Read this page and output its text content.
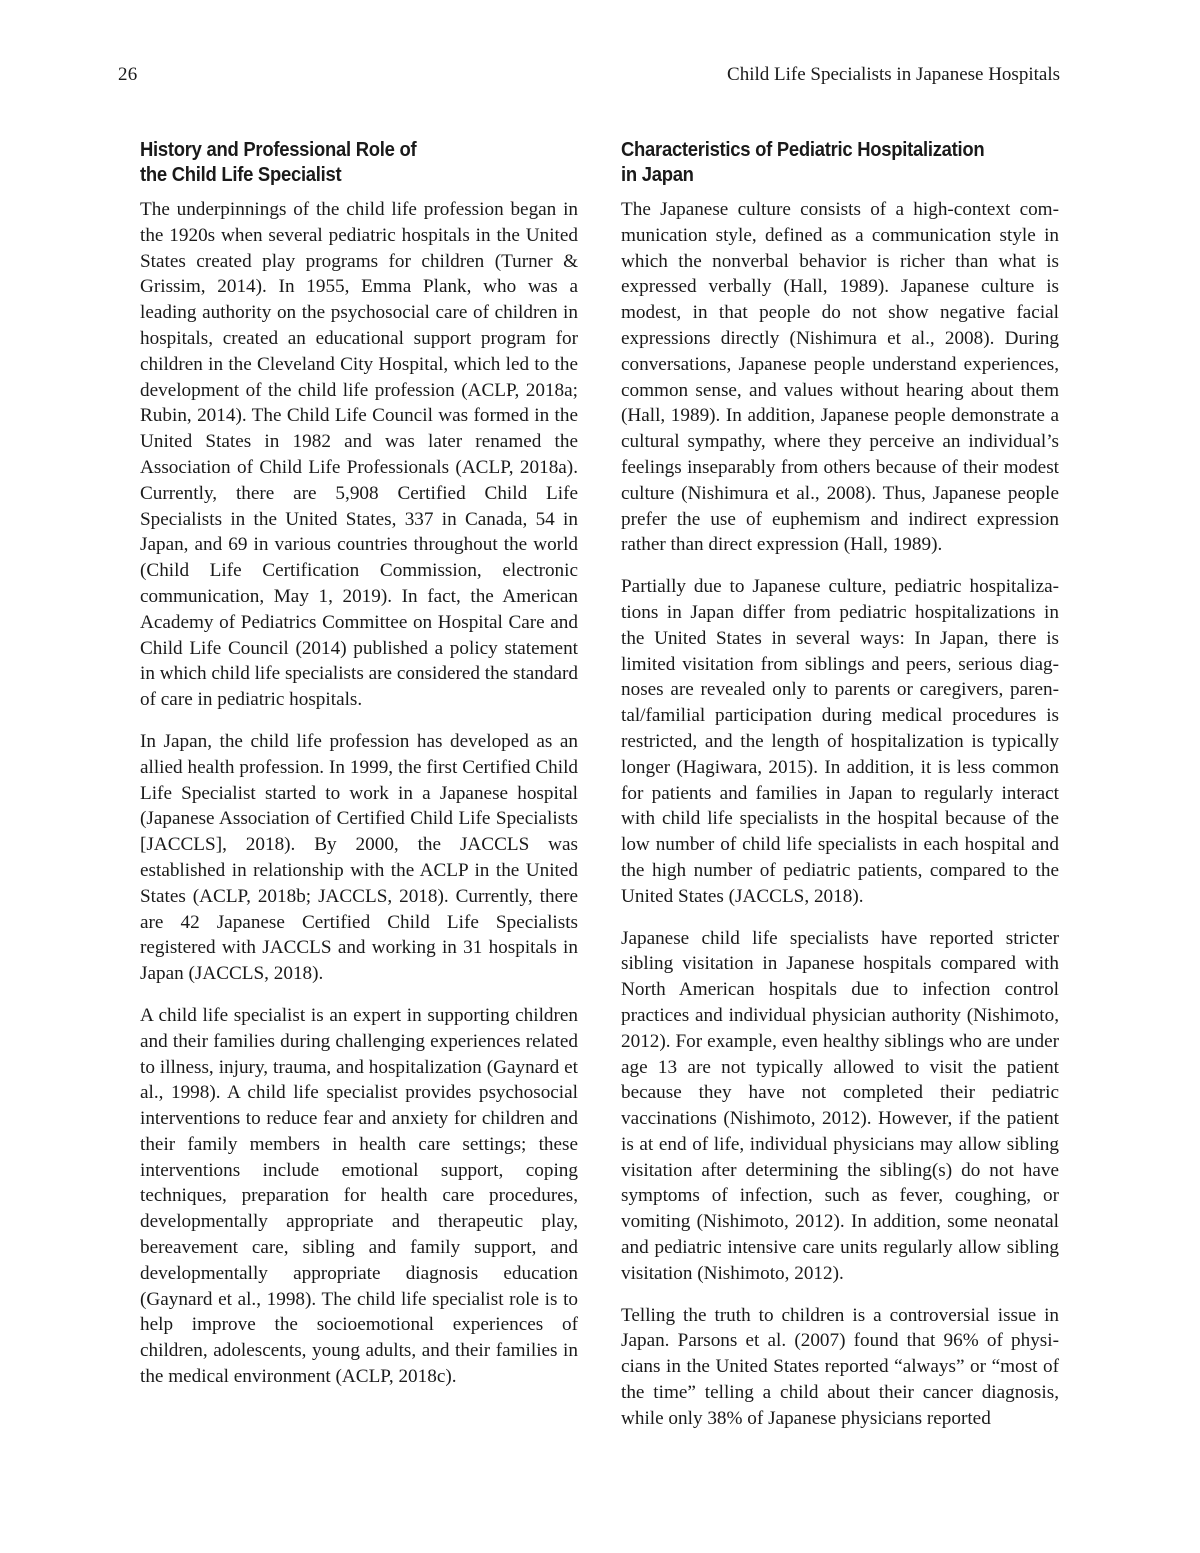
26	Child Life Specialists in Japanese Hospitals
History and Professional Role of
the Child Life Specialist

The underpinnings of the child life profession began in the 1920s when several pediatric hospitals in the United States created play programs for children (Turner & Grissim, 2014). In 1955, Emma Plank, who was a leading authority on the psychosocial care of children in hospitals, created an educational support program for children in the Cleveland City Hospital, which led to the development of the child life profession (ACLP, 2018a; Rubin, 2014). The Child Life Council was formed in the United States in 1982 and was later renamed the Association of Child Life Professionals (ACLP, 2018a). Currently, there are 5,908 Certified Child Life Specialists in the United States, 337 in Canada, 54 in Japan, and 69 in various countries throughout the world (Child Life Certification Commission, electronic communication, May 1, 2019). In fact, the American Academy of Pediatrics Committee on Hospital Care and Child Life Council (2014) published a policy statement in which child life specialists are considered the standard of care in pediatric hospitals.

In Japan, the child life profession has developed as an allied health profession. In 1999, the first Certified Child Life Specialist started to work in a Japanese hospital (Japanese Association of Certified Child Life Specialists [JACCLS], 2018). By 2000, the JACCLS was established in relationship with the ACLP in the United States (ACLP, 2018b; JACCLS, 2018). Currently, there are 42 Japanese Certified Child Life Specialists registered with JACCLS and working in 31 hospitals in Japan (JACCLS, 2018).

A child life specialist is an expert in supporting children and their families during challenging experiences related to illness, injury, trauma, and hospitalization (Gaynard et al., 1998). A child life specialist provides psychosocial interventions to reduce fear and anxiety for children and their family members in health care settings; these interventions include emotional support, coping techniques, preparation for health care procedures, developmentally appropriate and therapeutic play, bereavement care, sibling and family support, and developmentally appropriate diagnosis education (Gaynard et al., 1998). The child life specialist role is to help improve the socioemotional experiences of children, adolescents, young adults, and their families in the medical environment (ACLP, 2018c).

Characteristics of Pediatric Hospitalization
in Japan

The Japanese culture consists of a high-context communication style, defined as a communication style in which the nonverbal behavior is richer than what is expressed verbally (Hall, 1989). Japanese culture is modest, in that people do not show negative facial expressions directly (Nishimura et al., 2008). During conversations, Japanese people understand experiences, common sense, and values without hearing about them (Hall, 1989). In addition, Japanese people demonstrate a cultural sympathy, where they perceive an individual’s feelings inseparably from others because of their modest culture (Nishimura et al., 2008). Thus, Japanese people prefer the use of euphemism and indirect expression rather than direct expression (Hall, 1989).

Partially due to Japanese culture, pediatric hospitalizations in Japan differ from pediatric hospitalizations in the United States in several ways: In Japan, there is limited visitation from siblings and peers, serious diagnoses are revealed only to parents or caregivers, parental/familial participation during medical procedures is restricted, and the length of hospitalization is typically longer (Hagiwara, 2015). In addition, it is less common for patients and families in Japan to regularly interact with child life specialists in the hospital because of the low number of child life specialists in each hospital and the high number of pediatric patients, compared to the United States (JACCLS, 2018).

Japanese child life specialists have reported stricter sibling visitation in Japanese hospitals compared with North American hospitals due to infection control practices and individual physician authority (Nishimoto, 2012). For example, even healthy siblings who are under age 13 are not typically allowed to visit the patient because they have not completed their pediatric vaccinations (Nishimoto, 2012). However, if the patient is at end of life, individual physicians may allow sibling visitation after determining the sibling(s) do not have symptoms of infection, such as fever, coughing, or vomiting (Nishimoto, 2012). In addition, some neonatal and pediatric intensive care units regularly allow sibling visitation (Nishimoto, 2012).

Telling the truth to children is a controversial issue in Japan. Parsons et al. (2007) found that 96% of physicians in the United States reported “always” or “most of the time” telling a child about their cancer diagnosis, while only 38% of Japanese physicians reported
